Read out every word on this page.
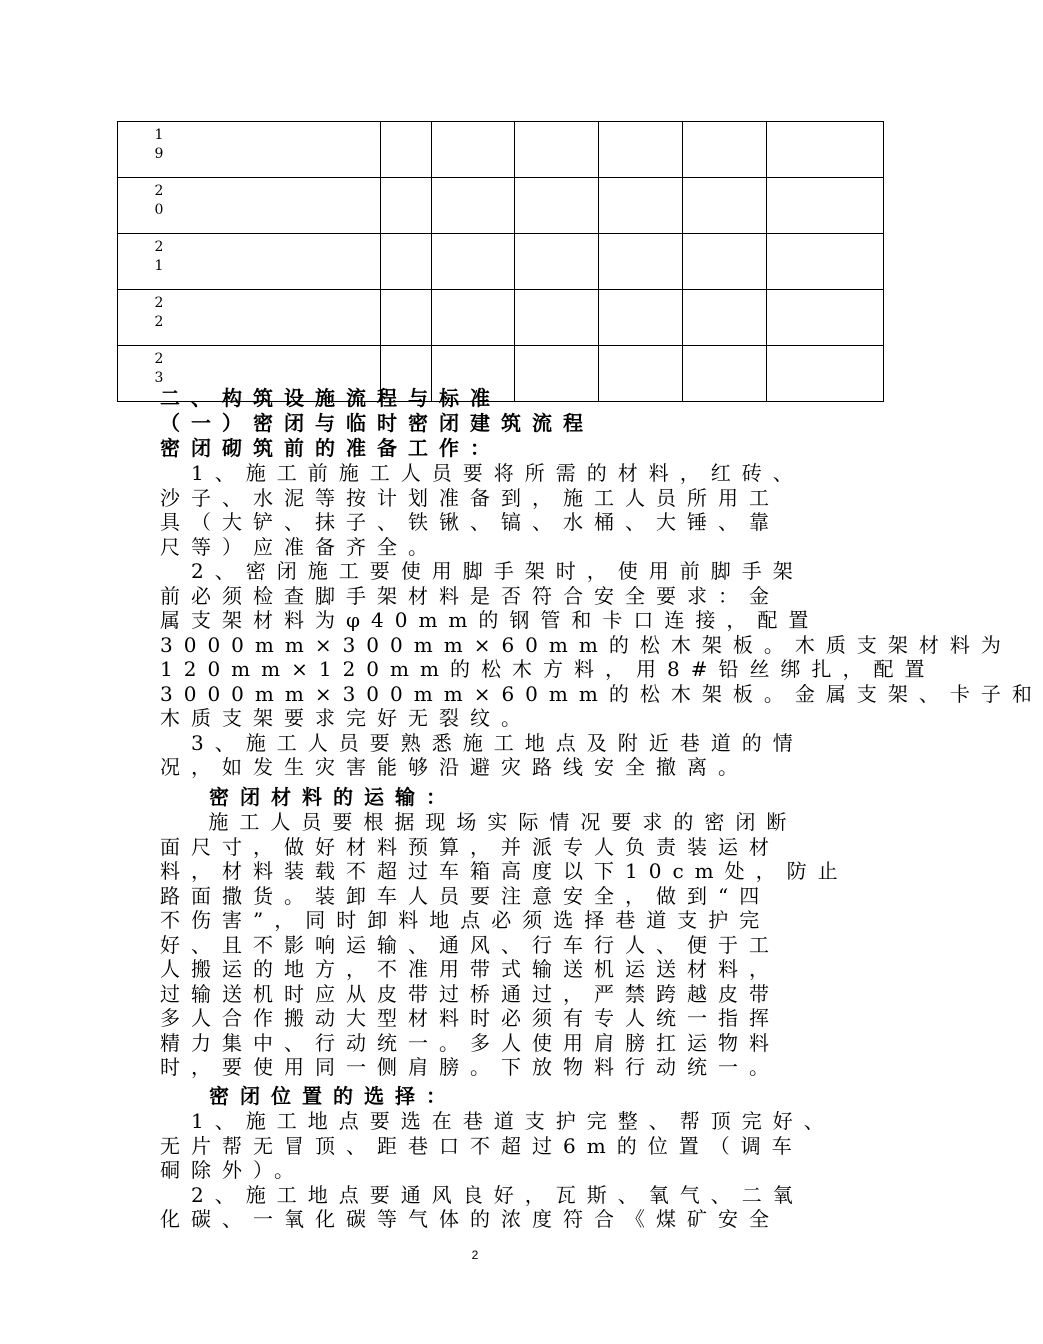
	1
9						

	2
0						

	2
1						

	2
2						

	2
3						

二、构筑设施流程与标准
（一）密闭与临时密闭建筑流程
密闭砌筑前的准备工作：
　1、施工前施工人员要将所需的材料，红砖、
沙子、水泥等按计划准备到，施工人员所用工
具（大铲、抹子、铁锹、镐、水桶、大锤、靠
尺等）应准备齐全。
　2、密闭施工要使用脚手架时，使用前脚手架
前必须检查脚手架材料是否符合安全要求：金
属支架材料为φ40mm的钢管和卡口连接，配置
3000mm×300mm×60mm的松木架板。木质支架材料为
120mm×120mm的松木方料，用8#铅丝绑扎，配置
3000mm×300mm×60mm的松木架板。金属支架、卡子和
木质支架要求完好无裂纹。
　3、施工人员要熟悉施工地点及附近巷道的情
况，如发生灾害能够沿避灾路线安全撤离。
　 密闭材料的运输：
　 施工人员要根据现场实际情况要求的密闭断
面尺寸，做好材料预算，并派专人负责装运材
料，材料装载不超过车箱高度以下10cm处，防止
路面撒货。装卸车人员要注意安全，做到“四
不伤害”，同时卸料地点必须选择巷道支护完
好、且不影响运输、通风、行车行人、便于工
人搬运的地方，不准用带式输送机运送材料，
过输送机时应从皮带过桥通过，严禁跨越皮带
多人合作搬动大型材料时必须有专人统一指挥
精力集中、行动统一。多人使用肩膀扛运物料
时，要使用同一侧肩膀。下放物料行动统一。
　 密闭位置的选择：
　1、施工地点要选在巷道支护完整、帮顶完好、
无片帮无冒顶、距巷口不超过6m的位置（调车
硐除外）。
　2、施工地点要通风良好，瓦斯、氧气、二氧
化碳、一氧化碳等气体的浓度符合《煤矿安全
2
